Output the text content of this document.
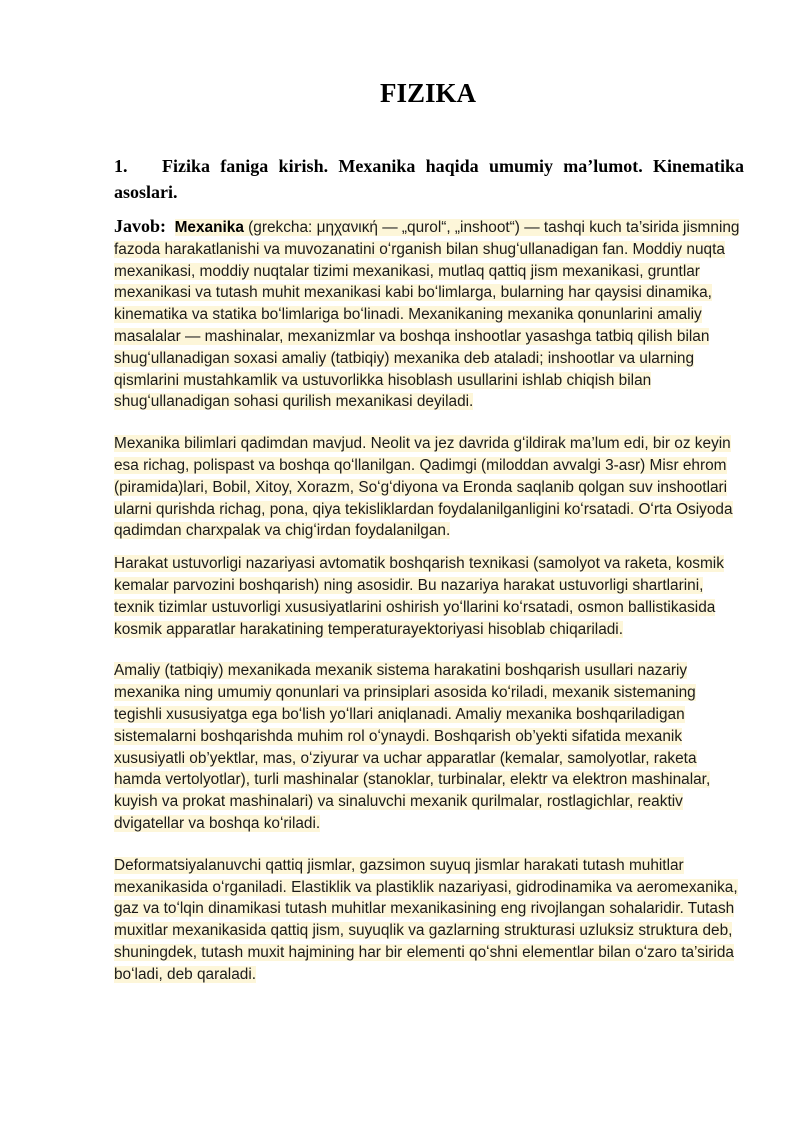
FIZIKA
1. Fizika faniga kirish. Mexanika haqida umumiy ma’lumot. Kinematika asoslari.

Javob: Mexanika (grekcha: μηχανική — „qurol“, „inshoot“) — tashqi kuch ta’sirida jismning fazoda harakatlanishi va muvozanatini oʻrganish bilan shugʻullanadigan fan. Moddiy nuqta mexanikasi, moddiy nuqtalar tizimi mexanikasi, mutlaq qattiq jism mexanikasi, gruntlar mexanikasi va tutash muhit mexanikasi kabi boʻlimlarga, bularning har qaysisi dinamika, kinematika va statika boʻlimlariga boʻlinadi. Mexanikaning mexanika qonunlarini amaliy masalalar — mashinalar, mexanizmlar va boshqa inshootlar yasashga tatbiq qilish bilan shugʻullanadigan soxasi amaliy (tatbiqiy) mexanika deb ataladi; inshootlar va ularning qismlarini mustahkamlik va ustuvorlikka hisoblash usullarini ishlab chiqish bilan shugʻullanadigan sohasi qurilish mexanikasi deyiladi.

Mexanika bilimlari qadimdan mavjud. Neolit va jez davrida gʻildirak ma’lum edi, bir oz keyin esa richag, polispast va boshqa qoʻllanilgan. Qadimgi (miloddan avvalgi 3-asr) Misr ehrom (piramida)lari, Bobil, Xitoy, Xorazm, Soʻgʻdiyona va Eronda saqlanib qolgan suv inshootlari ularni qurishda richag, pona, qiya tekisliklardan foydalanilganligini koʻrsatadi. Oʻrta Osiyoda qadimdan charxpalak va chigʻirdan foydalanilgan.

Harakat ustuvorligi nazariyasi avtomatik boshqarish texnikasi (samolyot va raketa, kosmik kemalar parvozini boshqarish) ning asosidir. Bu nazariya harakat ustuvorligi shartlarini, texnik tizimlar ustuvorligi xususiyatlarini oshirish yoʻllarini koʻrsatadi, osmon ballistikasida kosmik apparatlar harakatining temperaturayektoriyasi hisoblab chiqariladi.

Amaliy (tatbiqiy) mexanikada mexanik sistema harakatini boshqarish usullari nazariy mexanika ning umumiy qonunlari va prinsiplari asosida koʻriladi, mexanik sistemaning tegishli xususiyatga ega boʻlish yoʻllari aniqlanadi. Amaliy mexanika boshqariladigan sistemalarni boshqarishda muhim rol oʻynaydi. Boshqarish ob’yekti sifatida mexanik xususiyatli ob’yektlar, mas, oʻziyurar va uchar apparatlar (kemalar, samolyotlar, raketa hamda vertolyotlar), turli mashinalar (stanoklar, turbinalar, elektr va elektron mashinalar, kuyish va prokat mashinalari) va sinaluvchi mexanik qurilmalar, rostlagichlar, reaktiv dvigatellar va boshqa koʻriladi.

Deformatsiyalanuvchi qattiq jismlar, gazsimon suyuq jismlar harakati tutash muhitlar mexanikasida oʻrganiladi. Elastiklik va plastiklik nazariyasi, gidrodinamika va aeromexanika, gaz va toʻlqin dinamikasi tutash muhitlar mexanikasining eng rivojlangan sohalaridir. Tutash muxitlar mexanikasida qattiq jism, suyuqlik va gazlarning strukturasi uzluksiz struktura deb, shuningdek, tutash muxit hajmining har bir elementi qoʻshni elementlar bilan oʻzaro ta’sirida boʻladi, deb qaraladi.
